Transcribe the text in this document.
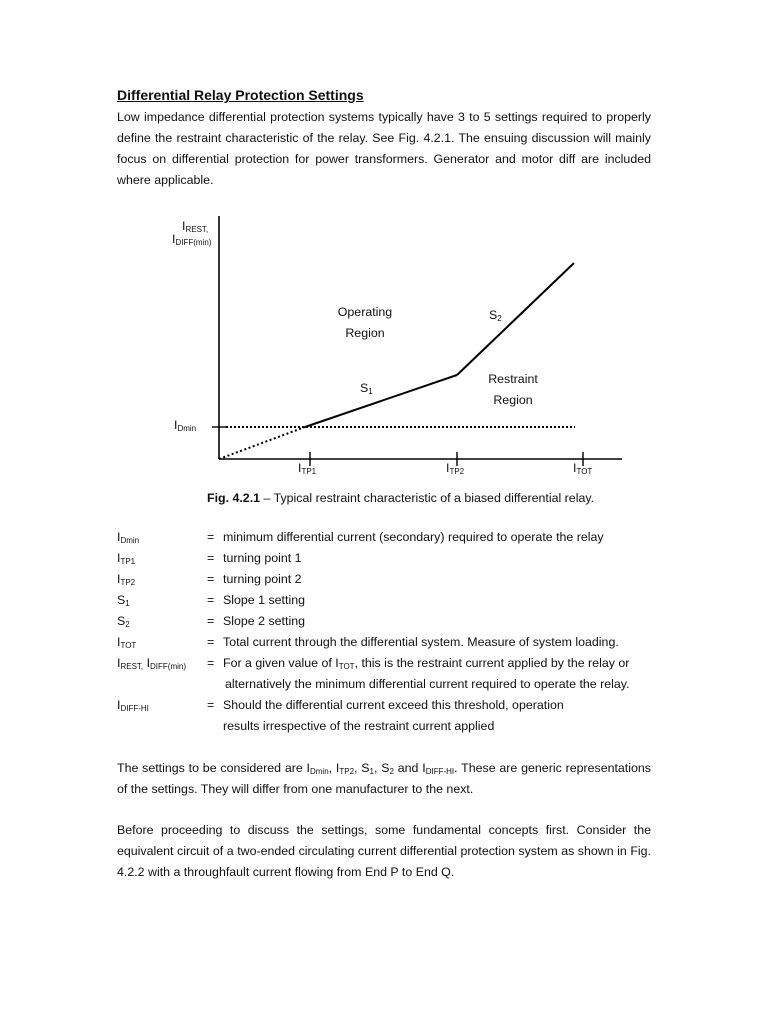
Differential Relay Protection Settings

Low impedance differential protection systems typically have 3 to 5 settings required to properly define the restraint characteristic of the relay. See Fig. 4.2.1. The ensuing discussion will mainly focus on differential protection for power transformers. Generator and motor diff are included where applicable.

$I_{REST,}$
$I_{DIFF(min)}$
$I_{Dmin}$
Operating
Region
Restraint
Region
$S_1$
$S_2$
$I_{TP1}$	$I_{TP2}$	$I_{TOT}$
Fig. 4.2.1 – Typical restraint characteristic of a biased differential relay.
$I_{Dmin}$	= minimum differential current (secondary) required to operate the relay
$I_{TP1}$	= turning point 1
$I_{TP2}$	= turning point 2
$S_1$	= Slope 1 setting
$S_2$	= Slope 2 setting
$I_{TOT}$	= Total current through the differential system. Measure of system loading.
$I_{REST,}$ $I_{DIFF(min)}$ = For a given value of $I_{TOT}$, this is the restraint current applied by the relay or
alternatively the minimum differential current required to operate the relay.
$I_{DIFF-HI}$	= Should the differential current exceed this threshold, operation
results irrespective of the restraint current applied

The settings to be considered are $I_{Dmin}$, $I_{TP2}$, $S_1$, $S_2$ and $I_{DIFF-HI}$. These are generic representations of the settings. They will differ from one manufacturer to the next.

Before proceeding to discuss the settings, some fundamental concepts first. Consider the equivalent circuit of a two-ended circulating current differential protection system as shown in Fig. 4.2.2 with a throughfault current flowing from End P to End Q.
